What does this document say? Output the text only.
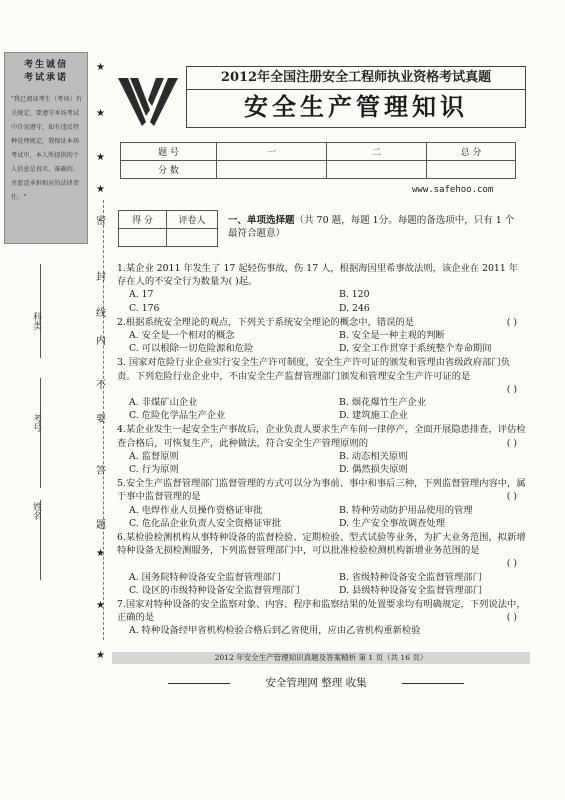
考生诚信
考试承诺
"我已阅读考生（考场）有关规定，要遵守本场考试中自觉遵守，如有违反特种处理规定，我保证本场考试中，本人所提供的个人信息是真实、准确的，并愿意承担相应的法律责任。"
★
★
★
★
★
★
★
密
封
线
内
不
要
答
题
科类
考号
姓名
2012年全国注册安全工程师执业资格考试真题
安全生产管理知识
题 号	一	二	总 分
分 数			
www.safehoo.com
得 分	评卷人
	一、单项选择题（共 70 题，每题 1分。每题的备选项中，只有 1 个最符合题意）
1.某企业 2011 年发生了 17 起轻伤事故，伤 17 人，根据海因里希事故法则，该企业在 2011 年存在人的不安全行为数量为( )起。
A. 17	B. 120
C. 176	D. 246
2.根据系统安全理论的观点，下列关于系统安全理论的概念中，错误的是	( )
A. 安全是一个相对的概念	B. 安全是一种主观的判断
C. 可以根除一切危险源和危险	D. 安全工作贯穿于系统整个寿命期间
3. 国家对危险行业企业实行安全生产许可制度，安全生产许可证的颁发和管理由省级政府部门负责。下列危险行业企业中，不由安全生产监督管理部门颁发和管理安全生产许可证的是
( )
A. 非煤矿山企业	B. 烟花爆竹生产企业
C. 危险化学品生产企业	D. 建筑施工企业
4.某企业发生一起安全生产事故后，企业负责人要求生产车间一律停产，全面开展隐患排查，评估检查合格后，可恢复生产，此种做法，符合安全生产管理原则的	( )
A. 监督原则	B. 动态相关原则
C. 行为原则	D. 偶然损失原则
5.安全生产监督管理部门监督管理的方式可以分为事前、事中和事后三种，下列监督管理内容中，属于事中监督管理的是	( )
A. 电焊作业人员操作资格证审批	B. 特种劳动防护用品使用的管理
C. 危化品企业负责人安全资格证审批	D. 生产安全事故调查处理
6.某检验检测机构从事特种设备的监督检验、定期检验、型式试验等业务，为扩大业务范围，拟新增特种设备无损检测服务，下列监督管理部门中，可以批准检验检测机构新增业务范围的是
( )
A. 国务院特种设备安全监督管理部门	B. 省级特种设备安全监督管理部门
C. 设区的市级特种设备安全监督管理部门	D. 县级特种设备安全监督管理部门
7.国家对特种设备的安全监察对象、内容、程序和监察结果的处置要求均有明确规定，下列说法中，正确的是	( )
A. 特种设备经甲省机构检验合格后到乙省使用，应由乙省机构重新检验
2012 年安全生产管理知识真题及答案精析 第 1 页（共 16 页）
安全管理网 整理 收集
